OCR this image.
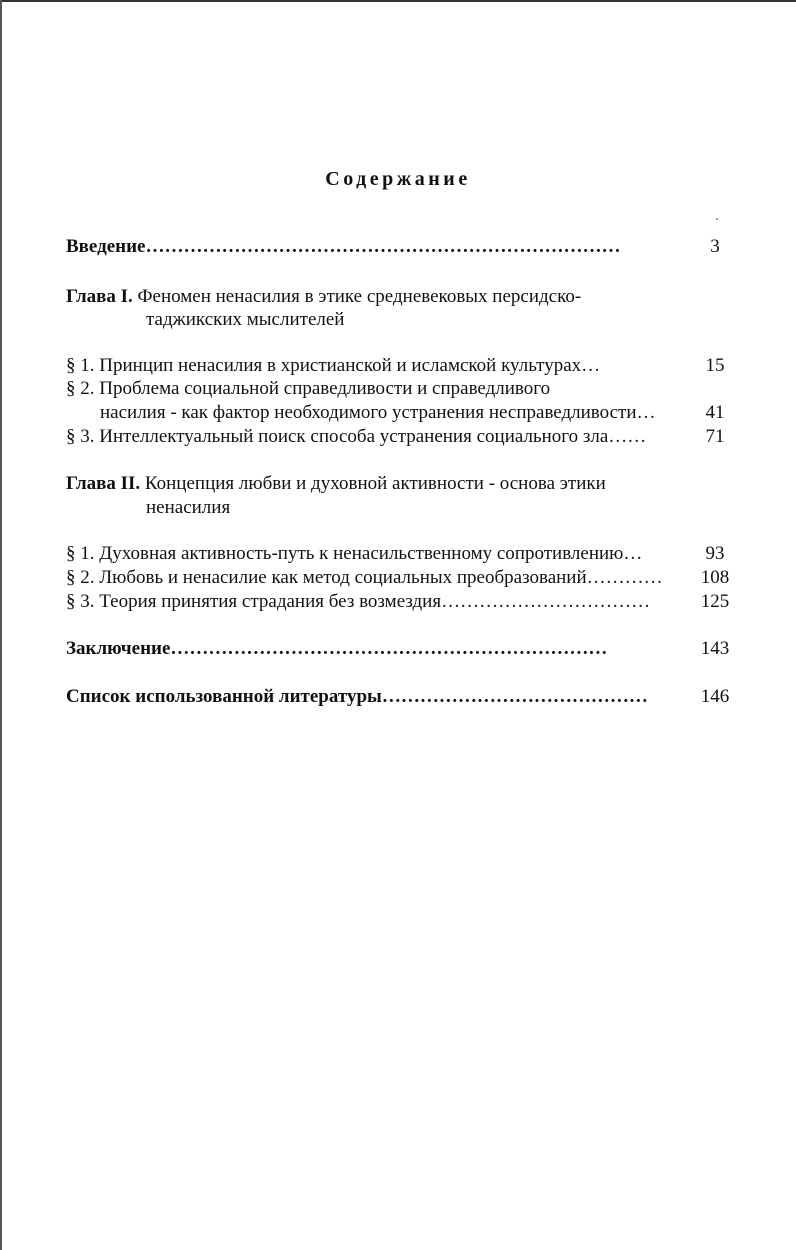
Содержание
Введение…………………………………………………………………	3
Глава I. Феномен ненасилия в этике средневековых персидско-
таджикских мыслителей
§ 1. Принцип ненасилия в христианской и исламской культурах…	15
§ 2. Проблема социальной справедливости и справедливого
насилия - как фактор необходимого устранения несправедливости…	41
§ 3. Интеллектуальный поиск способа устранения социального зла……	71
Глава II. Концепция любви и духовной активности - основа этики
ненасилия
§ 1. Духовная активность-путь к ненасильственному сопротивлению…	93
§ 2. Любовь и ненасилие как метод социальных преобразований………… 108
§ 3. Теория принятия страдания без возмездия……………………………	125
Заключение……………………………………………………………	143
Список использованной литературы……………………………………	146
